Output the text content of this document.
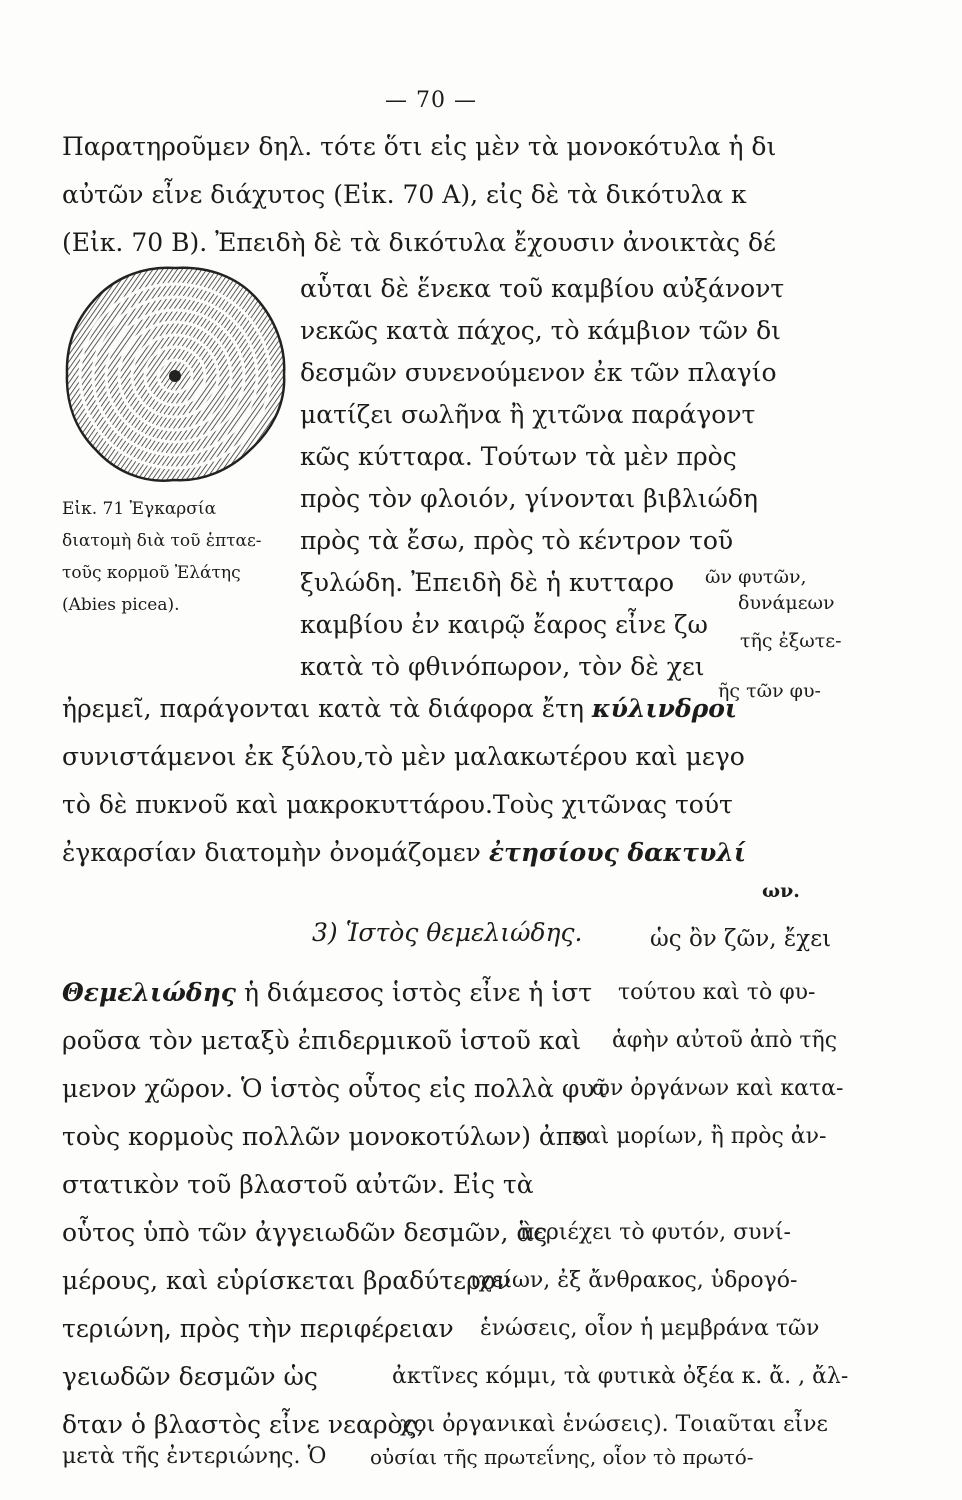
— 70 —
Παρατηροῦμεν δηλ. τότε ὅτι εἰς μὲν τὰ μονοκότυλα ἡ δι
αὐτῶν εἶνε διάχυτος (Εἰκ. 70 Α), εἰς δὲ τὰ δικότυλα κ
(Εἰκ. 70 Β). Ἐπειδὴ δὲ τὰ δικότυλα ἔχουσιν ἀνοικτὰς δέ
αὗται δὲ ἕνεκα τοῦ καμβίου αὐξάνοντ
νεκῶς κατὰ πάχος, τὸ κάμβιον τῶν δι
δεσμῶν συνενούμενον ἐκ τῶν πλαγίο
ματίζει σωλῆνα ἢ χιτῶνα παράγοντ
κῶς κύτταρα. Τούτων τὰ μὲν πρὸς
πρὸς τὸν φλοιόν, γίνονται βιβλιώδη
πρὸς τὰ ἔσω, πρὸς τὸ κέντρον τοῦ
ξυλώδη. Ἐπειδὴ δὲ ἡ κυτταρο
καμβίου ἐν καιρῷ ἔαρος εἶνε ζω
κατὰ τὸ φθινόπωρον, τὸν δὲ χει
ῶν φυτῶν,
δυνάμεων
τῆς ἐξωτε-
ῆς τῶν φυ-
Εἰκ. 71 Ἐγκαρσία
διατομὴ διὰ τοῦ ἑπταε-
τοῦς κορμοῦ Ἐλάτης
(Abies picea).
ἠρεμεῖ, παράγονται κατὰ τὰ διάφορα ἔτη κύλινδροι
συνιστάμενοι ἐκ ξύλου,τὸ μὲν μαλακωτέρου καὶ μεγο
τὸ δὲ πυκνοῦ καὶ μακροκυττάρου.Τοὺς χιτῶνας τούτ
ἐγκαρσίαν διατομὴν ὀνομάζομεν ἐτησίους δακτυλί
ων.
3) Ἱστὸς θεμελιώδης.	ὡς ὂν ζῶν, ἔχει
Θεμελιώδης ἡ διάμεσος ἱστὸς εἶνε ἡ ἱστ
ροῦσα τὸν μεταξὺ ἐπιδερμικοῦ ἱστοῦ καὶ
μενον χῶρον. Ὁ ἱστὸς οὗτος εἰς πολλὰ φυτ
τοὺς κορμοὺς πολλῶν μονοκοτύλων) ἀπο
στατικὸν τοῦ βλαστοῦ αὐτῶν. Εἰς τὰ
οὗτος ὑπὸ τῶν ἀγγειωδῶν δεσμῶν, ἃς
μέρους, καὶ εὑρίσκεται βραδύτερον
τεριώνη, πρὸς τὴν περιφέρειαν
γειωδῶν δεσμῶν ὡς
δταν ὁ βλαστὸς εἶνε νεαρὸς,
μετὰ τῆς ἐντεριώνης. Ὁ
τούτου καὶ τὸ φυ-
ἁφὴν αὐτοῦ ἀπὸ τῆς
ῶν ὀργάνων καὶ κατα-
καὶ μορίων, ἢ πρὸς ἀν-
περιέχει τὸ φυτόν, συνί-
ιχείων, ἐξ ἄνθρακος, ὑδρογό-
ἑνώσεις, οἷον ἡ μεμβράνα τῶν
ἀκτῖνες κόμμι, τὰ φυτικὰ ὀξέα κ. ἄ. , ἄλ-
χοι ὀργανικαὶ ἑνώσεις). Τοιαῦται εἶνε
οὐσίαι τῆς πρωτεΐνης, οἷον τὸ πρωτό-
